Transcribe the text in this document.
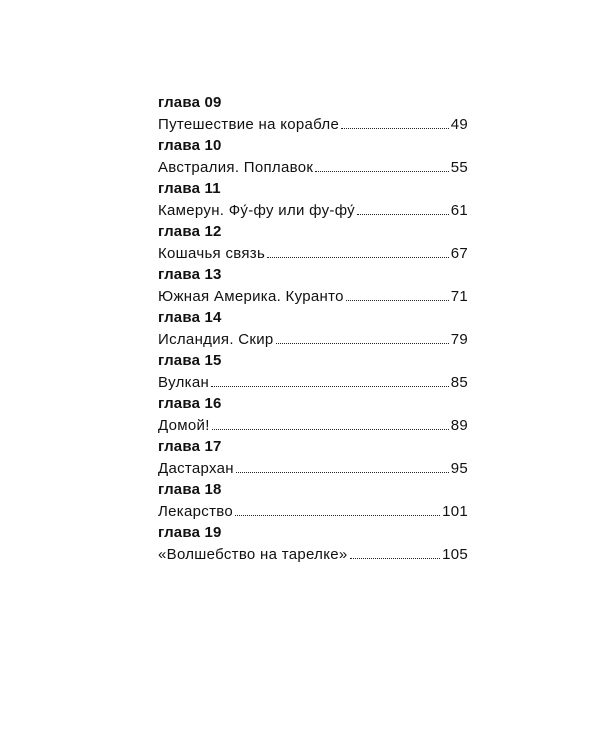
глава 09
Путешествие на корабле	49
глава 10
Австралия. Поплавок	55
глава 11
Камерун. Фу́-фу или фу-фу́	61
глава 12
Кошачья связь	67
глава 13
Южная Америка. Куранто	71
глава 14
Исландия. Скир	79
глава 15
Вулкан	85
глава 16
Домой!	89
глава 17
Дастархан	95
глава 18
Лекарство	101
глава 19
«Волшебство на тарелке»	105
